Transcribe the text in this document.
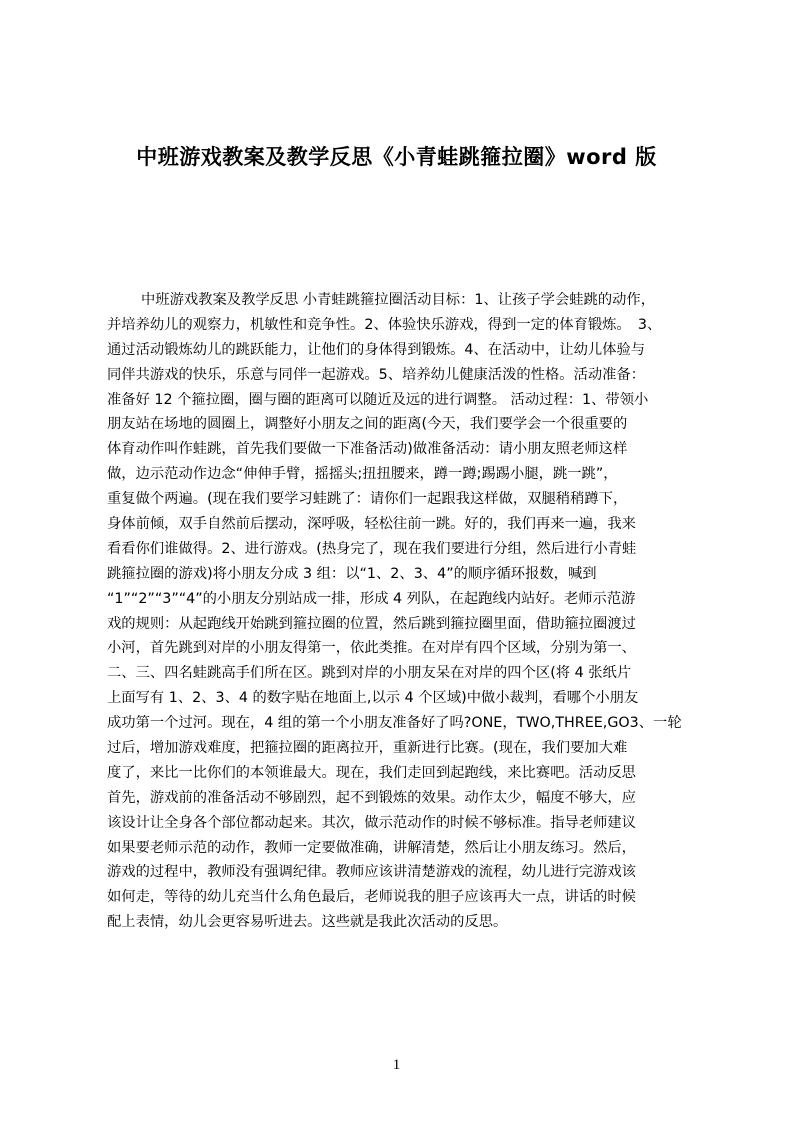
中班游戏教案及教学反思《小青蛙跳箍拉圈》word 版
中班游戏教案及教学反思 小青蛙跳箍拉圈活动目标：1、让孩子学会蛙跳的动作，
并培养幼儿的观察力，机敏性和竞争性。2、体验快乐游戏，得到一定的体育锻炼。　3、
通过活动锻炼幼儿的跳跃能力，让他们的身体得到锻炼。4、在活动中，让幼儿体验与
同伴共游戏的快乐，乐意与同伴一起游戏。5、培养幼儿健康活泼的性格。活动准备：
准备好 12 个箍拉圈，圈与圈的距离可以随近及远的进行调整。 活动过程：1、带领小
朋友站在场地的圆圈上，调整好小朋友之间的距离(今天，我们要学会一个很重要的
体育动作叫作蛙跳，首先我们要做一下准备活动)做准备活动：请小朋友照老师这样
做，边示范动作边念“伸伸手臂，摇摇头;扭扭腰来，蹲一蹲;踢踢小腿，跳一跳”，
重复做个两遍。(现在我们要学习蛙跳了：请你们一起跟我这样做，双腿稍稍蹲下，
身体前倾，双手自然前后摆动，深呼吸，轻松往前一跳。好的，我们再来一遍，我来
看看你们谁做得。2、进行游戏。(热身完了，现在我们要进行分组，然后进行小青蛙
跳箍拉圈的游戏)将小朋友分成 3 组：以“1、2、3、4”的顺序循环报数，喊到
“1”“2”“3”“4”的小朋友分别站成一排，形成 4 列队，在起跑线内站好。老师示范游
戏的规则：从起跑线开始跳到箍拉圈的位置，然后跳到箍拉圈里面，借助箍拉圈渡过
小河，首先跳到对岸的小朋友得第一，依此类推。在对岸有四个区域，分别为第一、
二、三、四名蛙跳高手们所在区。跳到对岸的小朋友呆在对岸的四个区(将 4 张纸片
上面写有 1、2、3、4 的数字贴在地面上,以示 4 个区域)中做小裁判，看哪个小朋友
成功第一个过河。现在，4 组的第一个小朋友准备好了吗?ONE，TWO,THREE,GO3、一轮
过后，增加游戏难度，把箍拉圈的距离拉开，重新进行比赛。(现在，我们要加大难
度了，来比一比你们的本领谁最大。现在，我们走回到起跑线，来比赛吧。活动反思
首先，游戏前的准备活动不够剧烈，起不到锻炼的效果。动作太少，幅度不够大，应
该设计让全身各个部位都动起来。其次，做示范动作的时候不够标准。指导老师建议
如果要老师示范的动作，教师一定要做准确，讲解清楚，然后让小朋友练习。然后，
游戏的过程中，教师没有强调纪律。教师应该讲清楚游戏的流程，幼儿进行完游戏该
如何走，等待的幼儿充当什么角色最后，老师说我的胆子应该再大一点，讲话的时候
配上表情，幼儿会更容易听进去。这些就是我此次活动的反思。
1
